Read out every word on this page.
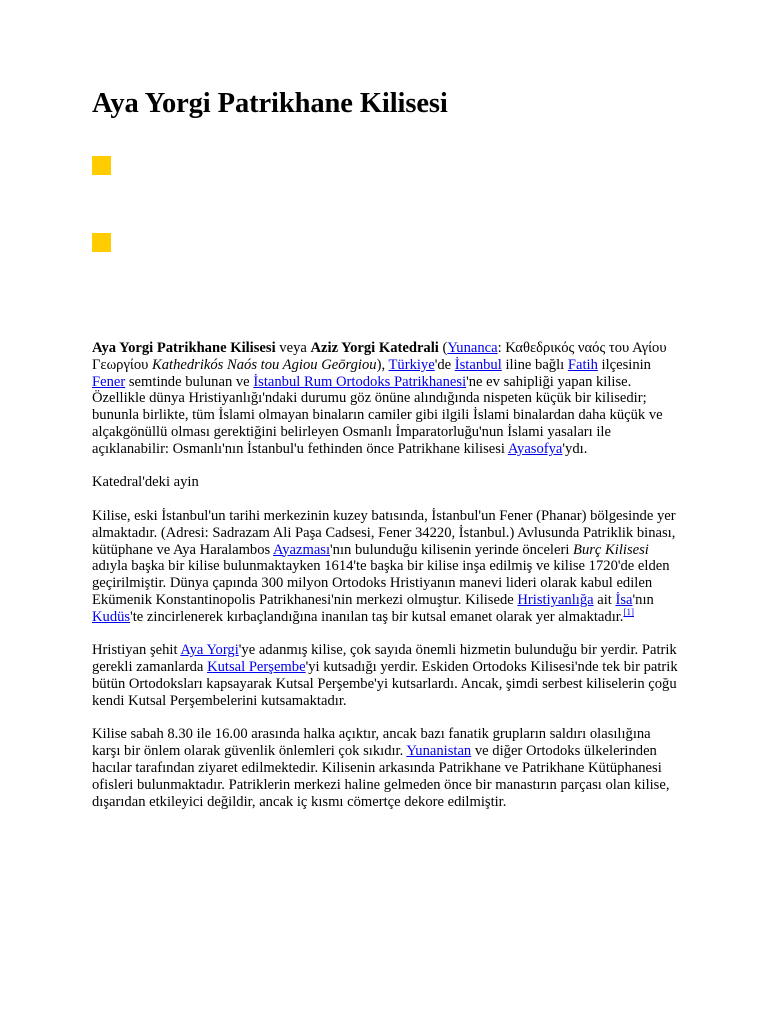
Aya Yorgi Patrikhane Kilisesi

Aya Yorgi Patrikhane Kilisesi veya Aziz Yorgi Katedrali (Yunanca: Καθεδρικός ναός του Αγίου Γεωργίου Kathedrikós Naós tou Agiou Geōrgiou), Türkiye'de İstanbul iline bağlı Fatih ilçesinin Fener semtinde bulunan ve İstanbul Rum Ortodoks Patrikhanesi'ne ev sahipliği yapan kilise. Özellikle dünya Hristiyanlığı'ndaki durumu göz önüne alındığında nispeten küçük bir kilisedir; bununla birlikte, tüm İslami olmayan binaların camiler gibi ilgili İslami binalardan daha küçük ve alçakgönüllü olması gerektiğini belirleyen Osmanlı İmparatorluğu'nun İslami yasaları ile açıklanabilir: Osmanlı'nın İstanbul'u fethinden önce Patrikhane kilisesi Ayasofya'ydı.

Katedral'deki ayin

Kilise, eski İstanbul'un tarihi merkezinin kuzey batısında, İstanbul'un Fener (Phanar) bölgesinde yer almaktadır. (Adresi: Sadrazam Ali Paşa Cadsesi, Fener 34220, İstanbul.) Avlusunda Patriklik binası, kütüphane ve Aya Haralambos Ayazması'nın bulunduğu kilisenin yerinde önceleri Burç Kilisesi adıyla başka bir kilise bulunmaktayken 1614'te başka bir kilise inşa edilmiş ve kilise 1720'de elden geçirilmiştir. Dünya çapında 300 milyon Ortodoks Hristiyanın manevi lideri olarak kabul edilen Ekümenik Konstantinopolis Patrikhanesi'nin merkezi olmuştur. Kilisede Hristiyanlığa ait İsa'nın Kudüs'te zincirlenerek kırbaçlandığına inanılan taş bir kutsal emanet olarak yer almaktadır.[1]

Hristiyan şehit Aya Yorgi'ye adanmış kilise, çok sayıda önemli hizmetin bulunduğu bir yerdir. Patrik gerekli zamanlarda Kutsal Perşembe'yi kutsadığı yerdir. Eskiden Ortodoks Kilisesi'nde tek bir patrik bütün Ortodoksları kapsayarak Kutsal Perşembe'yi kutsarlardı. Ancak, şimdi serbest kiliselerin çoğu kendi Kutsal Perşembelerini kutsamaktadır.

Kilise sabah 8.30 ile 16.00 arasında halka açıktır, ancak bazı fanatik grupların saldırı olasılığına karşı bir önlem olarak güvenlik önlemleri çok sıkıdır. Yunanistan ve diğer Ortodoks ülkelerinden hacılar tarafından ziyaret edilmektedir. Kilisenin arkasında Patrikhane ve Patrikhane Kütüphanesi ofisleri bulunmaktadır. Patriklerin merkezi haline gelmeden önce bir manastırın parçası olan kilise, dışarıdan etkileyici değildir, ancak iç kısmı cömertçe dekore edilmiştir.
